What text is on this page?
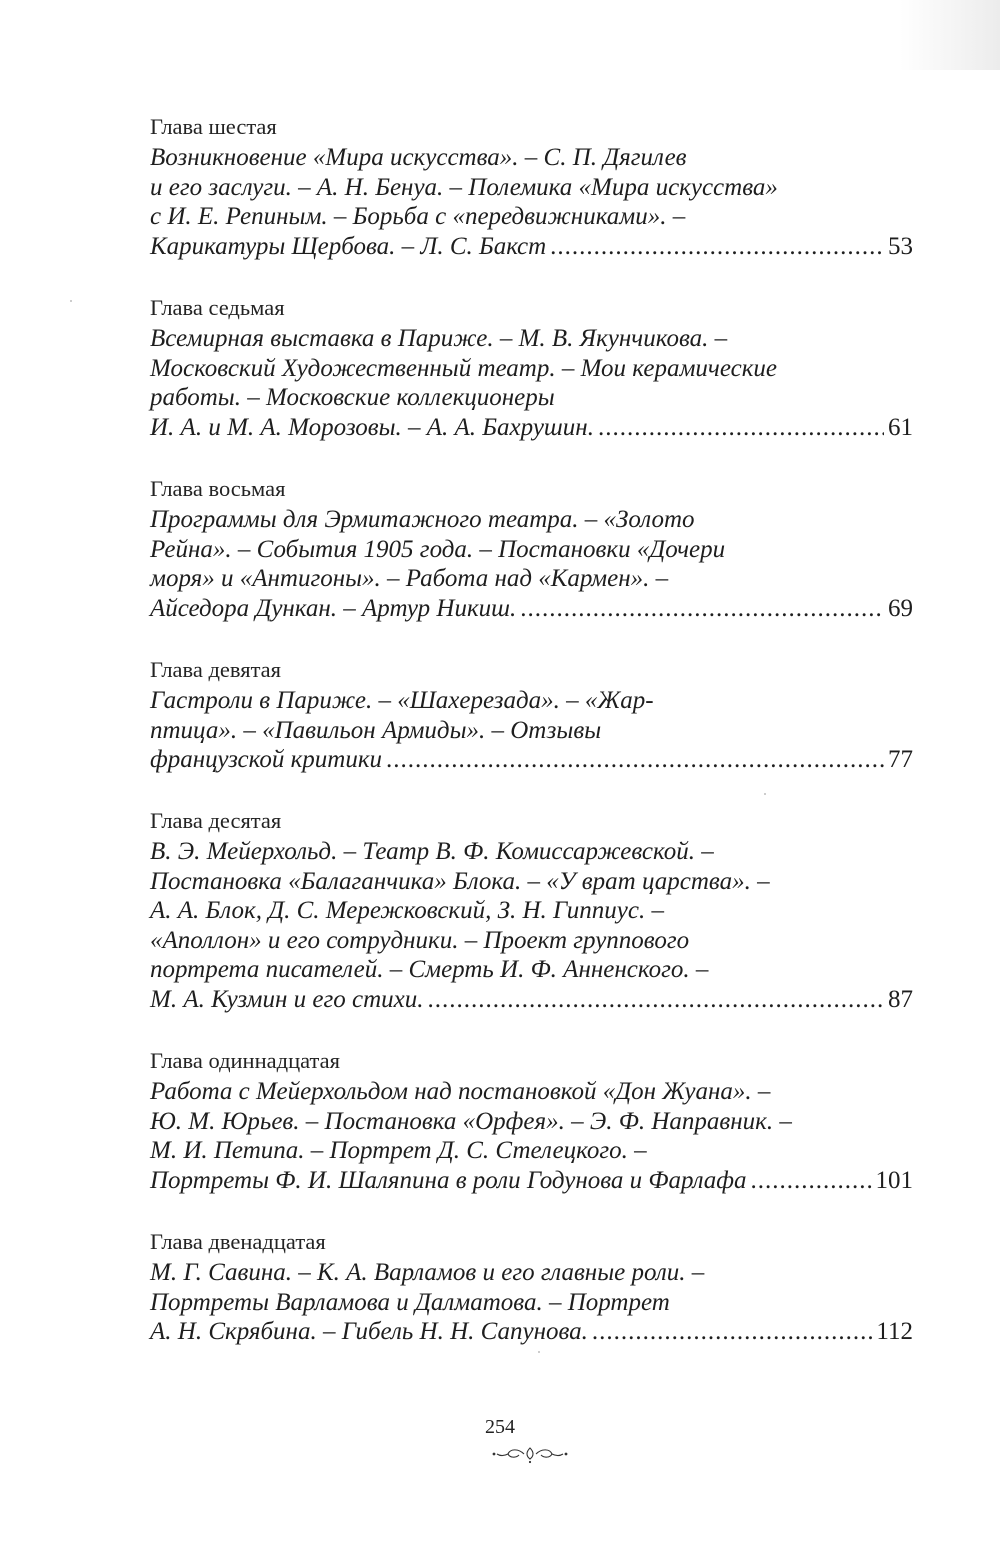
Глава шестая
Возникновение «Мира искусства». – С. П. Дягилев
и его заслуги. – А. Н. Бенуа. – Полемика «Мира искусства»
с И. Е. Репиным. – Борьба с «передвижниками». –
Карикатуры Щербова. – Л. С. Бакст .....	53
Глава седьмая
Всемирная выставка в Париже. – М. В. Якунчикова. –
Московский Художественный театр. – Мои керамические
работы. – Московские коллекционеры
И. А. и М. А. Морозовы. – А. А. Бахрушин. .....	61
Глава восьмая
Программы для Эрмитажного театра. – «Золото
Рейна». – События 1905 года. – Постановки «Дочери
моря» и «Антигоны». – Работа над «Кармен». –
Айседора Дункан. – Артур Никиш. .....	69
Глава девятая
Гастроли в Париже. – «Шахерезада». – «Жар-
птица». – «Павильон Армиды». – Отзывы
французской критики .....	77
Глава десятая
В. Э. Мейерхольд. – Театр В. Ф. Комиссаржевской. –
Постановка «Балаганчика» Блока. – «У врат царства». –
А. А. Блок, Д. С. Мережковский, З. Н. Гиппиус. –
«Аполлон» и его сотрудники. – Проект группового
портрета писателей. – Смерть И. Ф. Анненского. –
М. А. Кузмин и его стихи. .....	87
Глава одиннадцатая
Работа с Мейерхольдом над постановкой «Дон Жуана». –
Ю. М. Юрьев. – Постановка «Орфея». – Э. Ф. Направник. –
М. И. Петипа. – Портрет Д. С. Стелецкого. –
Портреты Ф. И. Шаляпина в роли Годунова и Фарлафа .....	101
Глава двенадцатая
М. Г. Савина. – К. А. Варламов и его главные роли. –
Портреты Варламова и Далматова. – Портрет
А. Н. Скрябина. – Гибель Н. Н. Сапунова. .....	112
254
